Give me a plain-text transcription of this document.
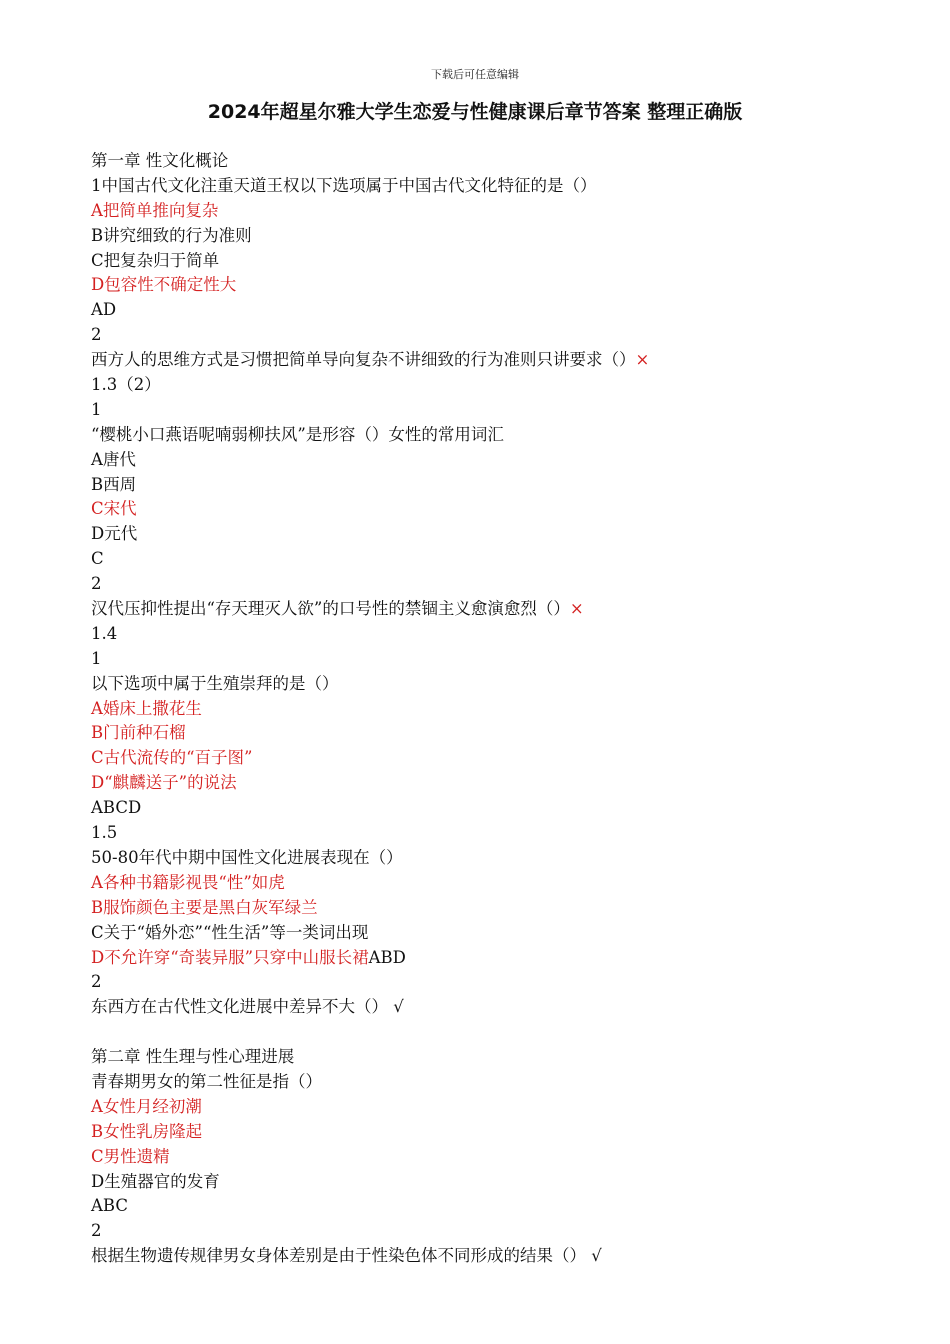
下载后可任意编辑
2024年超星尔雅大学生恋爱与性健康课后章节答案 整理正确版
第一章 性文化概论
1中国古代文化注重天道王权以下选项属于中国古代文化特征的是（）
A把简单推向复杂
B讲究细致的行为准则
C把复杂归于简单
D包容性不确定性大
AD
2
西方人的思维方式是习惯把简单导向复杂不讲细致的行为准则只讲要求（）×
1.3（2）
1
“樱桃小口燕语呢喃弱柳扶风”是形容（）女性的常用词汇
A唐代
B西周
C宋代
D元代
C
2
汉代压抑性提出“存天理灭人欲”的口号性的禁锢主义愈演愈烈（）×
1.4
1
以下选项中属于生殖崇拜的是（）
A婚床上撒花生
B门前种石榴
C古代流传的“百子图”
D“麒麟送子”的说法
ABCD
1.5
50-80年代中期中国性文化进展表现在（）
A各种书籍影视畏“性”如虎
B服饰颜色主要是黑白灰军绿兰
C关于“婚外恋”“性生活”等一类词出现
D不允许穿“奇装异服”只穿中山服长裙ABD
2
东西方在古代性文化进展中差异不大（） √
第二章 性生理与性心理进展
青春期男女的第二性征是指（）
A女性月经初潮
B女性乳房隆起
C男性遗精
D生殖器官的发育
ABC
2
根据生物遗传规律男女身体差别是由于性染色体不同形成的结果（） √
